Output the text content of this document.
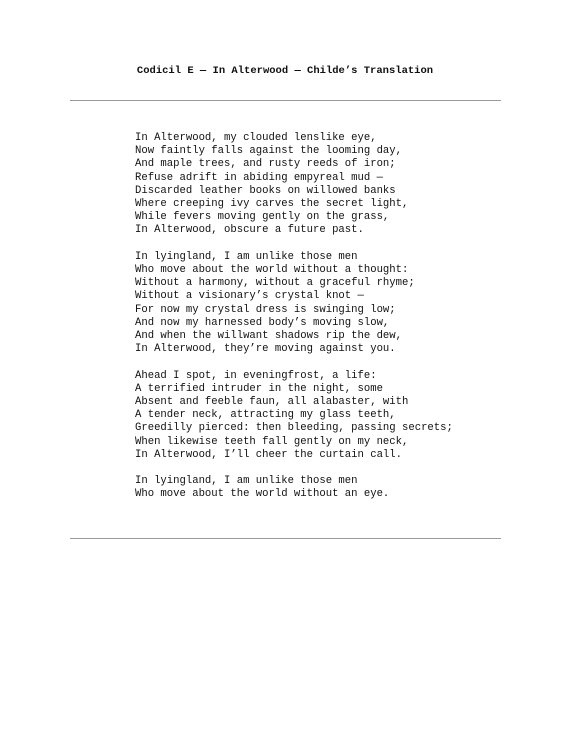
Codicil E — In Alterwood — Childe’s Translation
In Alterwood, my clouded lenslike eye,
Now faintly falls against the looming day,
And maple trees, and rusty reeds of iron;
Refuse adrift in abiding empyreal mud —
Discarded leather books on willowed banks
Where creeping ivy carves the secret light,
While fevers moving gently on the grass,
In Alterwood, obscure a future past.
In lyingland, I am unlike those men
Who move about the world without a thought:
Without a harmony, without a graceful rhyme;
Without a visionary’s crystal knot —
For now my crystal dress is swinging low;
And now my harnessed body’s moving slow,
And when the willwant shadows rip the dew,
In Alterwood, they’re moving against you.
Ahead I spot, in eveningfrost, a life:
A terrified intruder in the night, some
Absent and feeble faun, all alabaster, with
A tender neck, attracting my glass teeth,
Greedilly pierced: then bleeding, passing secrets;
When likewise teeth fall gently on my neck,
In Alterwood, I’ll cheer the curtain call.
In lyingland, I am unlike those men
Who move about the world without an eye.
